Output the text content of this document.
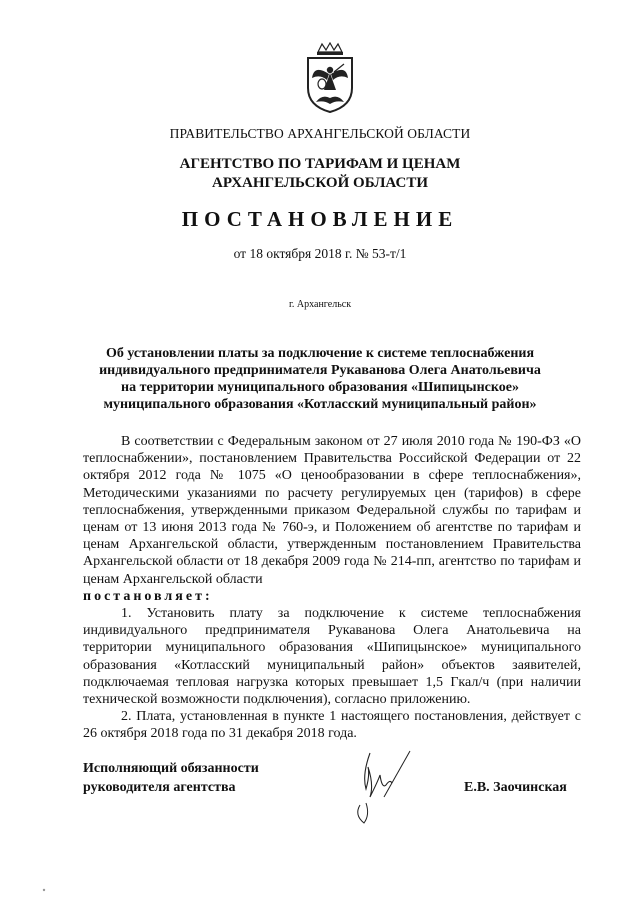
ПРАВИТЕЛЬСТВО АРХАНГЕЛЬСКОЙ ОБЛАСТИ
АГЕНТСТВО ПО ТАРИФАМ И ЦЕНАМ
АРХАНГЕЛЬСКОЙ ОБЛАСТИ
ПОСТАНОВЛЕНИЕ
от 18 октября 2018 г. № 53-т/1
г. Архангельск
Об установлении платы за подключение к системе теплоснабжения
индивидуального предпринимателя Рукаванова Олега Анатольевича
на территории муниципального образования «Шипицынское»
муниципального образования «Котласский муниципальный район»

В соответствии с Федеральным законом от 27 июля 2010 года № 190-ФЗ «О теплоснабжении», постановлением Правительства Российской Федерации от 22 октября 2012 года № 1075 «О ценообразовании в сфере теплоснабжения», Методическими указаниями по расчету регулируемых цен (тарифов) в сфере теплоснабжения, утвержденными приказом Федеральной службы по тарифам и ценам от 13 июня 2013 года № 760-э, и Положением об агентстве по тарифам и ценам Архангельской области, утвержденным постановлением Правительства Архангельской области от 18 декабря 2009 года № 214-пп, агентство по тарифам и ценам Архангельской области

постановляет:

1. Установить плату за подключение к системе теплоснабжения индивидуального предпринимателя Рукаванова Олега Анатольевича на территории муниципального образования «Шипицынское» муниципального образования «Котласский муниципальный район» объектов заявителей, подключаемая тепловая нагрузка которых превышает 1,5 Гкал/ч (при наличии технической возможности подключения), согласно приложению.

2. Плата, установленная в пункте 1 настоящего постановления, действует с 26 октября 2018 года по 31 декабря 2018 года.

Исполняющий обязанности
руководителя агентства	Е.В. Заочинская
